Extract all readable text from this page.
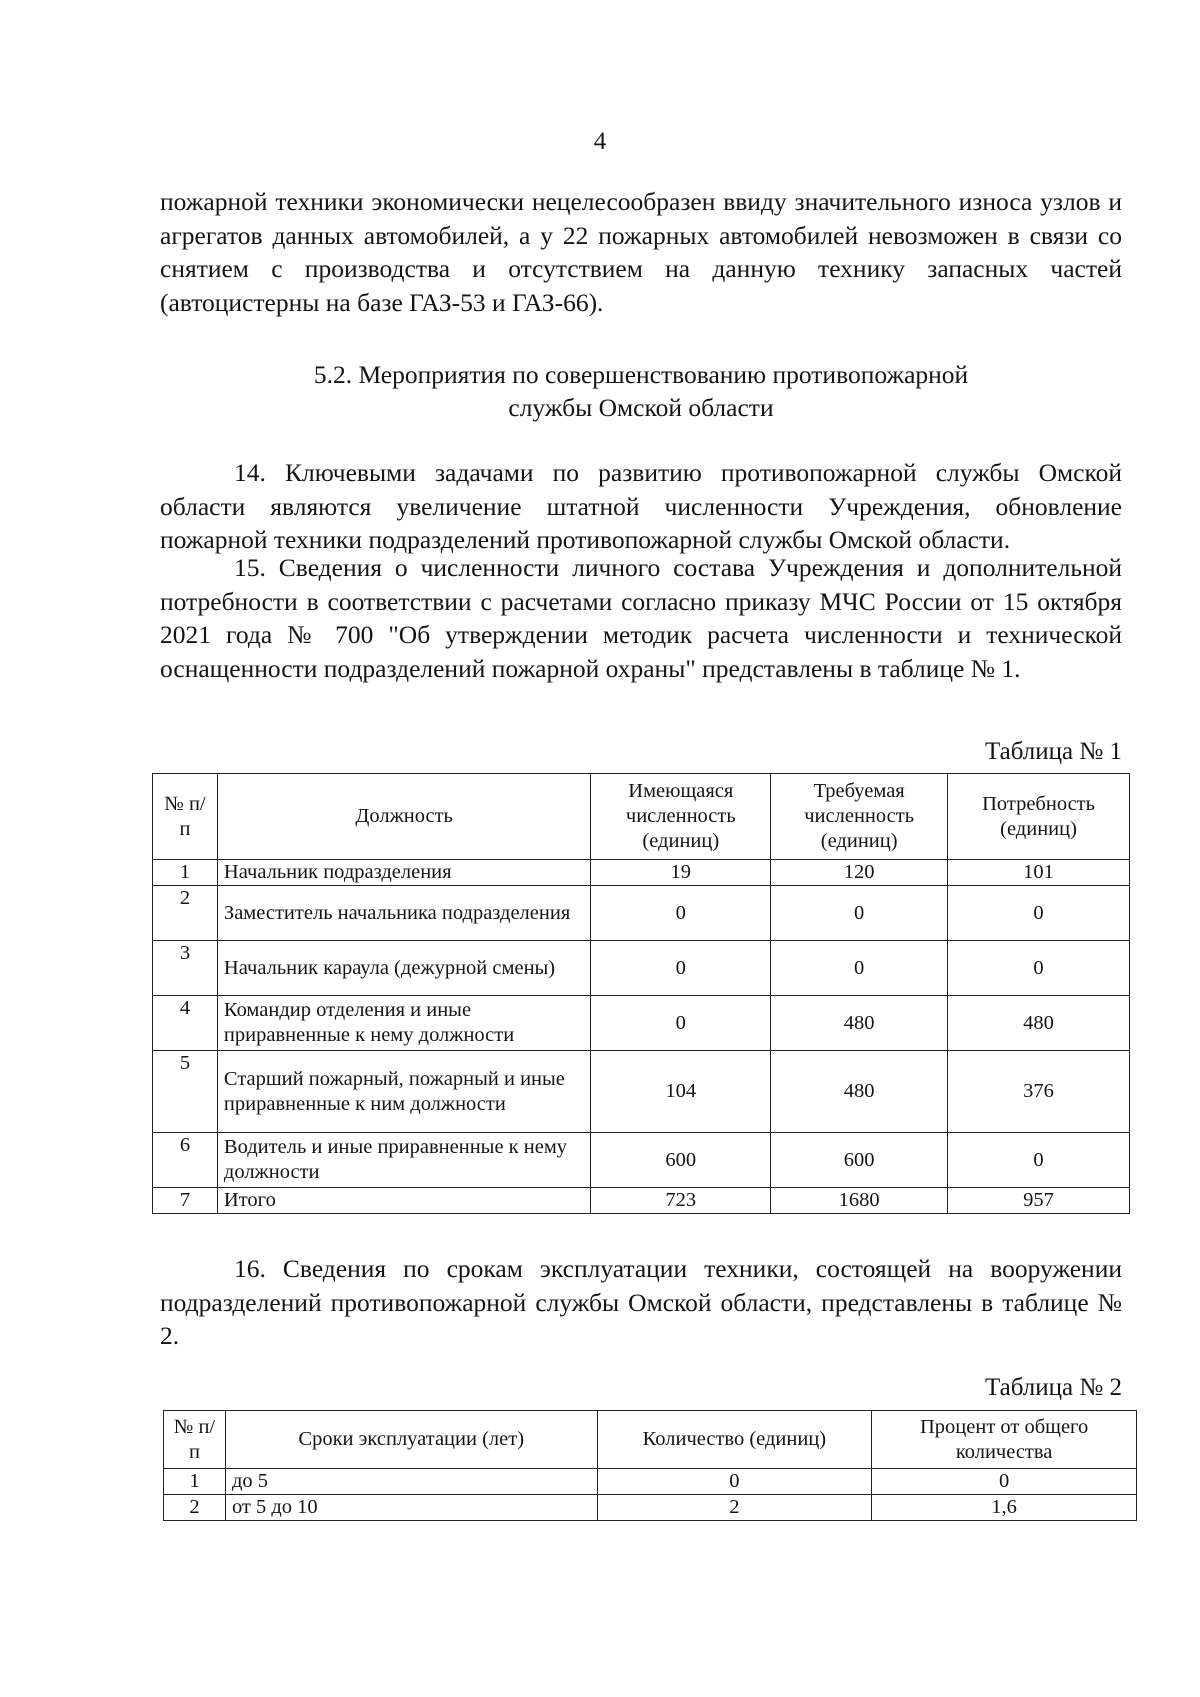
4

пожарной техники экономически нецелесообразен ввиду значительного износа узлов и агрегатов данных автомобилей, а у 22 пожарных автомобилей невозможен в связи со снятием с производства и отсутствием на данную технику запасных частей (автоцистерны на базе ГАЗ-53 и ГАЗ-66).

5.2. Мероприятия по совершенствованию противопожарной
службы Омской области

14. Ключевыми задачами по развитию противопожарной службы Омской области являются увеличение штатной численности Учреждения, обновление пожарной техники подразделений противопожарной службы Омской области.

15. Сведения о численности личного состава Учреждения и дополнительной потребности в соответствии с расчетами согласно приказу МЧС России от 15 октября 2021 года № 700 "Об утверждении методик расчета численности и технической оснащенности подразделений пожарной охраны" представлены в таблице № 1.

Таблица № 1
№ п/п	Должность	Имеющаяся численность (единиц)	Требуемая численность (единиц)	Потребность (единиц)
1	Начальник подразделения	19	120	101
2	Заместитель начальника подразделения	0	0	0
3	Начальник караула (дежурной смены)	0	0	0
4	Командир отделения и иные приравненные к нему должности	0	480	480
5	Старший пожарный, пожарный и иные приравненные к ним должности	104	480	376
6	Водитель и иные приравненные к нему должности	600	600	0
7	Итого	723	1680	957

16. Сведения по срокам эксплуатации техники, состоящей на вооружении подразделений противопожарной службы Омской области, представлены в таблице № 2.

Таблица № 2
№ п/п	Сроки эксплуатации (лет)	Количество (единиц)	Процент от общего количества
1	до 5	0	0
2	от 5 до 10	2	1,6
